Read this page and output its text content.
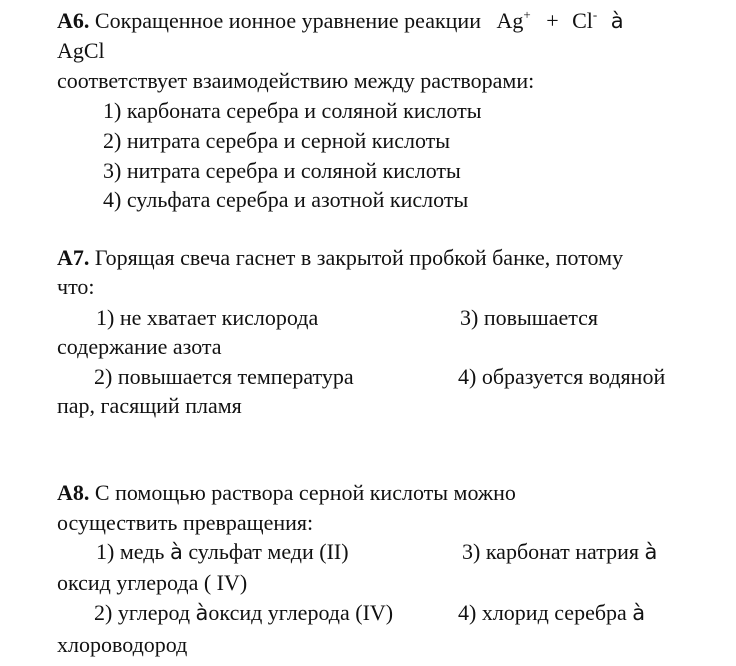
А6. Сокращенное ионное уравнение реакции Ag+ + Cl- à
AgCl
соответствует взаимодействию между растворами:
1) карбоната серебра и соляной кислоты
2) нитрата серебра и серной кислоты
3) нитрата серебра и соляной кислоты
4) сульфата серебра и азотной кислоты
А7. Горящая свеча гаснет в закрытой пробкой банке, потому
что:
1) не хватает кислорода	3) повышается
содержание азота
2) повышается температура	4) образуется водяной
пар, гасящий пламя
А8. С помощью раствора серной кислоты можно
осуществить превращения:
1) медь à сульфат меди (II)	3) карбонат натрия à
оксид углерода ( IV)
2) углерод àоксид углерода (IV)	4) хлорид серебра à
хлороводород
